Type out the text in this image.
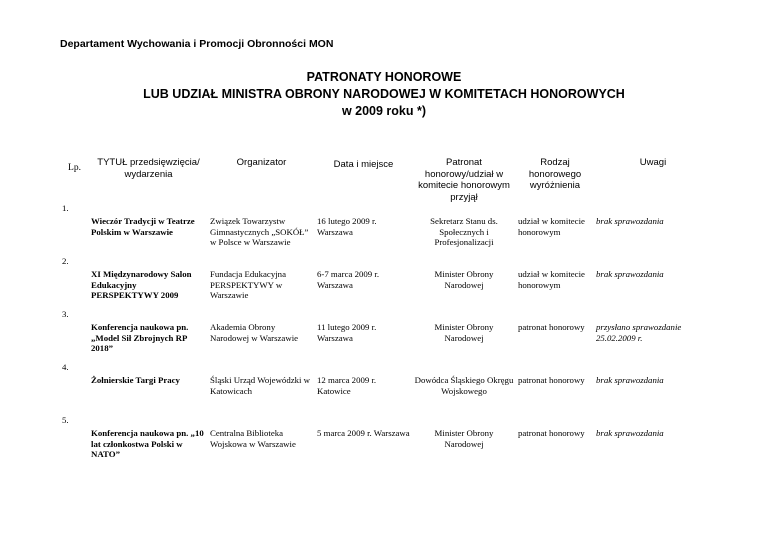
Departament Wychowania i Promocji Obronności MON
PATRONATY HONOROWE
LUB UDZIAŁ MINISTRA OBRONY NARODOWEJ W KOMITETACH HONOROWYCH
w 2009 roku *)
Lp.	TYTUŁ przedsięwzięcia/ wydarzenia	Organizator	Data i miejsce	Patronat honorowy/udział w komitecie honorowym przyjął	Rodzaj honorowego wyróżnienia	Uwagi
1.						
	Wieczór Tradycji w Teatrze Polskim w Warszawie	Związek Towarzystw Gimnastycznych „SOKÓŁ” w Polsce w Warszawie	16 lutego 2009 r. Warszawa	Sekretarz Stanu ds. Społecznych i Profesjonalizacji	udział w komitecie honorowym	brak sprawozdania
2.						
	XI Międzynarodowy Salon Edukacyjny PERSPEKTYWY 2009	Fundacja Edukacyjna PERSPEKTYWY w Warszawie	6-7 marca 2009 r. Warszawa	Minister Obrony Narodowej	udział w komitecie honorowym	brak sprawozdania
3.						
	Konferencja naukowa pn. „Model Sił Zbrojnych RP 2018”	Akademia Obrony Narodowej w Warszawie	11 lutego 2009 r. Warszawa	Minister Obrony Narodowej	patronat honorowy	przysłano sprawozdanie 25.02.2009 r.
4.						
	Żołnierskie Targi Pracy	Śląski Urząd Wojewódzki w Katowicach	12 marca 2009 r. Katowice	Dowódca Śląskiego Okręgu Wojskowego	patronat honorowy	brak sprawozdania
5.						
	Konferencja naukowa pn. „10 lat członkostwa Polski w NATO”	Centralna Biblioteka Wojskowa w Warszawie	5 marca 2009 r. Warszawa	Minister Obrony Narodowej	patronat honorowy	brak sprawozdania
